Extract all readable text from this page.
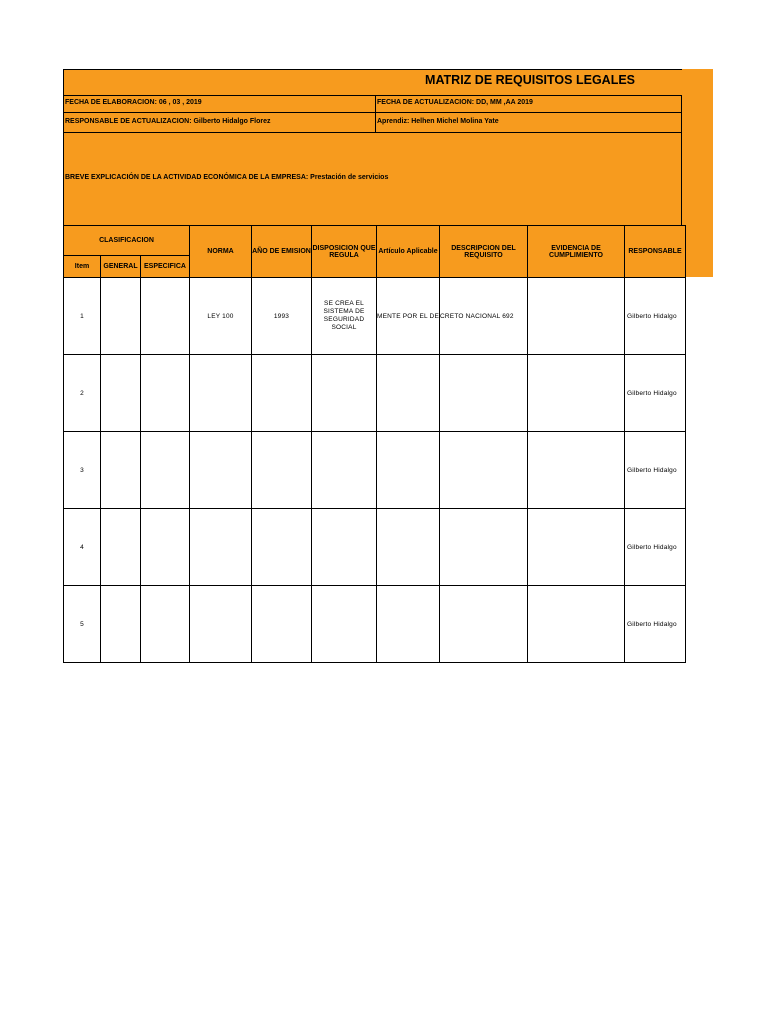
MATRIZ DE REQUISITOS LEGALES
FECHA DE ELABORACION: 06 , 03 , 2019	FECHA DE ACTUALIZACION: DD, MM ,AA 2019
RESPONSABLE DE ACTUALIZACION: Gilberto Hidalgo Florez	Aprendiz: Helhen Michel Molina Yate
BREVE EXPLICACIÓN DE LA ACTIVIDAD ECONÓMICA DE LA EMPRESA: Prestación de servicios
CLASIFICACION			NORMA	AÑO DE EMISION	DISPOSICION QUE REGULA	Artículo Aplicable	DESCRIPCION DEL REQUISITO	EVIDENCIA DE CUMPLIMIENTO	RESPONSABLE
Item	GENERAL	ESPECIFICA							
1			LEY 100	1993	SE CREA EL SISTEMA DE SEGURIDAD SOCIAL	MENTE POR EL DE	CRETO NACIONAL 692		Gilberto Hidalgo
2									Gilberto Hidalgo
3									Gilberto Hidalgo
4									Gilberto Hidalgo
5									Gilberto Hidalgo
